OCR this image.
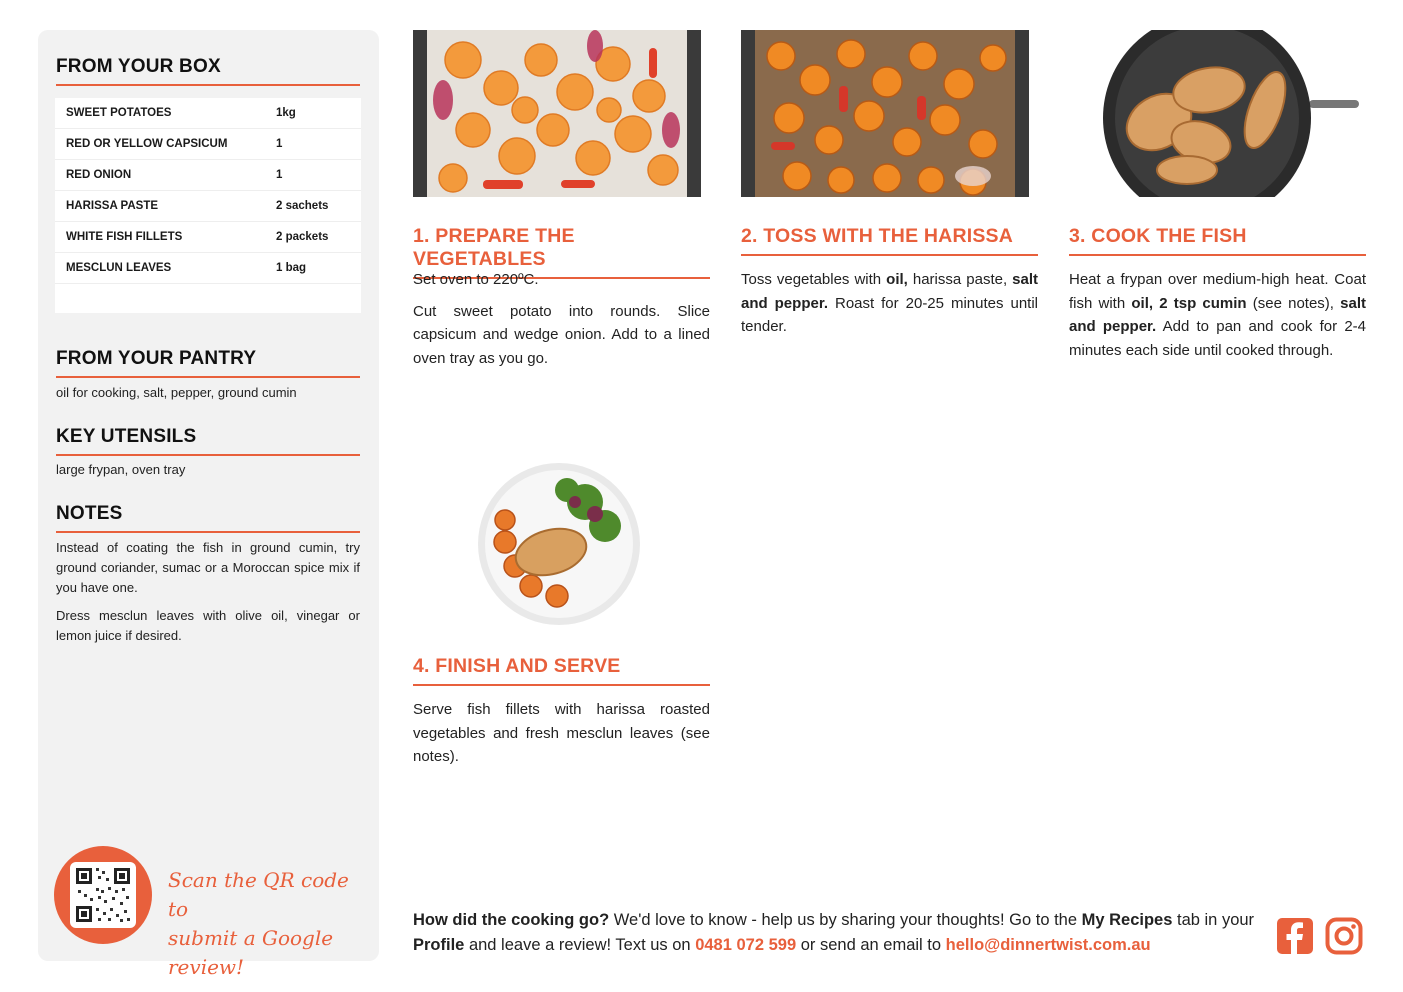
FROM YOUR BOX
SWEET POTATOES	1kg
RED OR YELLOW CAPSICUM	1
RED ONION	1
HARISSA PASTE	2 sachets
WHITE FISH FILLETS	2 packets
MESCLUN LEAVES	1 bag
FROM YOUR PANTRY
oil for cooking, salt, pepper, ground cumin
KEY UTENSILS
large frypan, oven tray
NOTES

Instead of coating the fish in ground cumin, try ground coriander, sumac or a Moroccan spice mix if you have one.

Dress mesclun leaves with olive oil, vinegar or lemon juice if desired.

Scan the QR code to
submit a Google review!
1. PREPARE THE VEGETABLES

Set oven to 220ºC.

Cut sweet potato into rounds. Slice capsicum and wedge onion. Add to a lined oven tray as you go.

2. TOSS WITH THE HARISSA
Toss vegetables with oil, harissa paste, salt and pepper. Roast for 20-25 minutes until tender.
3. COOK THE FISH
Heat a frypan over medium-high heat. Coat fish with oil, 2 tsp cumin (see notes), salt and pepper. Add to pan and cook for 2-4 minutes each side until cooked through.
4. FINISH AND SERVE

Serve fish fillets with harissa roasted vegetables and fresh mesclun leaves (see notes).

How did the cooking go? We'd love to know - help us by sharing your thoughts! Go to the My Recipes tab in your Profile and leave a review! Text us on 0481 072 599 or send an email to hello@dinnertwist.com.au
